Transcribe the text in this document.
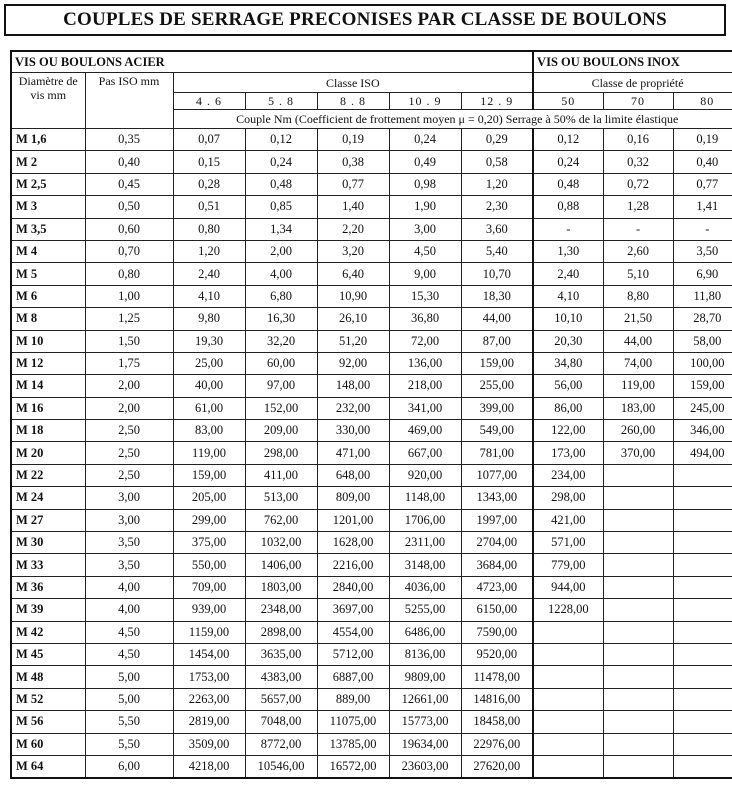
COUPLES DE SERRAGE PRECONISES PAR CLASSE DE BOULONS
VIS OU BOULONS ACIER							VIS OU BOULONS INOX		
Diamètre de vis mm	Pas ISO mm	Classe ISO					Classe de propriété		
		4 . 6	5 . 8	8 . 8	10 . 9	12 . 9	50	70	80
		Couple Nm (Coefficient de frottement moyen μ = 0,20) Serrage à 50% de la limite élastique							
M 1,6	0,35	0,07	0,12	0,19	0,24	0,29	0,12	0,16	0,19
M 2	0,40	0,15	0,24	0,38	0,49	0,58	0,24	0,32	0,40
M 2,5	0,45	0,28	0,48	0,77	0,98	1,20	0,48	0,72	0,77
M 3	0,50	0,51	0,85	1,40	1,90	2,30	0,88	1,28	1,41
M 3,5	0,60	0,80	1,34	2,20	3,00	3,60	-	-	-
M 4	0,70	1,20	2,00	3,20	4,50	5,40	1,30	2,60	3,50
M 5	0,80	2,40	4,00	6,40	9,00	10,70	2,40	5,10	6,90
M 6	1,00	4,10	6,80	10,90	15,30	18,30	4,10	8,80	11,80
M 8	1,25	9,80	16,30	26,10	36,80	44,00	10,10	21,50	28,70
M 10	1,50	19,30	32,20	51,20	72,00	87,00	20,30	44,00	58,00
M 12	1,75	25,00	60,00	92,00	136,00	159,00	34,80	74,00	100,00
M 14	2,00	40,00	97,00	148,00	218,00	255,00	56,00	119,00	159,00
M 16	2,00	61,00	152,00	232,00	341,00	399,00	86,00	183,00	245,00
M 18	2,50	83,00	209,00	330,00	469,00	549,00	122,00	260,00	346,00
M 20	2,50	119,00	298,00	471,00	667,00	781,00	173,00	370,00	494,00
M 22	2,50	159,00	411,00	648,00	920,00	1077,00	234,00		
M 24	3,00	205,00	513,00	809,00	1148,00	1343,00	298,00		
M 27	3,00	299,00	762,00	1201,00	1706,00	1997,00	421,00		
M 30	3,50	375,00	1032,00	1628,00	2311,00	2704,00	571,00		
M 33	3,50	550,00	1406,00	2216,00	3148,00	3684,00	779,00		
M 36	4,00	709,00	1803,00	2840,00	4036,00	4723,00	944,00		
M 39	4,00	939,00	2348,00	3697,00	5255,00	6150,00	1228,00		
M 42	4,50	1159,00	2898,00	4554,00	6486,00	7590,00			
M 45	4,50	1454,00	3635,00	5712,00	8136,00	9520,00			
M 48	5,00	1753,00	4383,00	6887,00	9809,00	11478,00			
M 52	5,00	2263,00	5657,00	889,00	12661,00	14816,00			
M 56	5,50	2819,00	7048,00	11075,00	15773,00	18458,00			
M 60	5,50	3509,00	8772,00	13785,00	19634,00	22976,00			
M 64	6,00	4218,00	10546,00	16572,00	23603,00	27620,00			
